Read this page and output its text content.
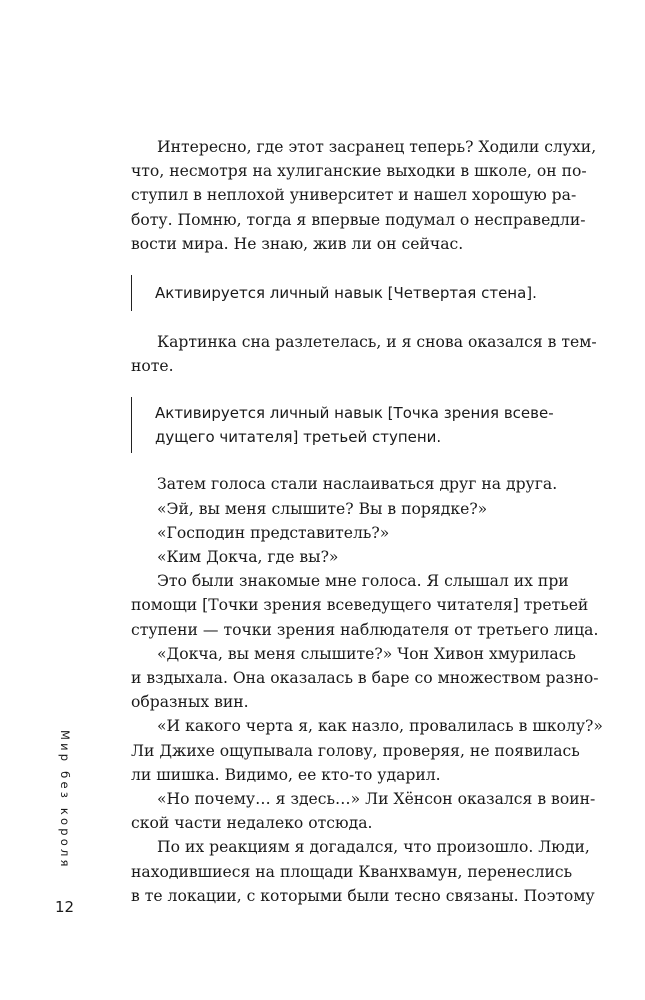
Интересно, где этот засранец теперь? Ходили слухи,
что, несмотря на хулиганские выходки в школе, он по-
ступил в неплохой университет и нашел хорошую ра-
боту. Помню, тогда я впервые подумал о несправедли-
вости мира. Не знаю, жив ли он сейчас.
Активируется личный навык [Четвертая стена].
Картинка сна разлетелась, и я снова оказался в тем-
ноте.
Активируется личный навык [Точка зрения всеве-
дущего читателя] третьей ступени.
Затем голоса стали наслаиваться друг на друга.
«Эй, вы меня слышите? Вы в порядке?»
«Господин представитель?»
«Ким Докча, где вы?»
Это были знакомые мне голоса. Я слышал их при
помощи [Точки зрения всеведущего читателя] третьей
ступени — точки зрения наблюдателя от третьего лица.
«Докча, вы меня слышите?» Чон Хивон хмурилась
и вздыхала. Она оказалась в баре со множеством разно-
образных вин.
«И какого черта я, как назло, провалилась в школу?»
Ли Джихе ощупывала голову, проверяя, не появилась
ли шишка. Видимо, ее кто-то ударил.
«Но почему… я здесь…» Ли Хёнсон оказался в воин-
ской части недалеко отсюда.
По их реакциям я догадался, что произошло. Люди,
находившиеся на площади Кванхвамун, перенеслись
в те локации, с которыми были тесно связаны. Поэтому
Мир без короля
12
